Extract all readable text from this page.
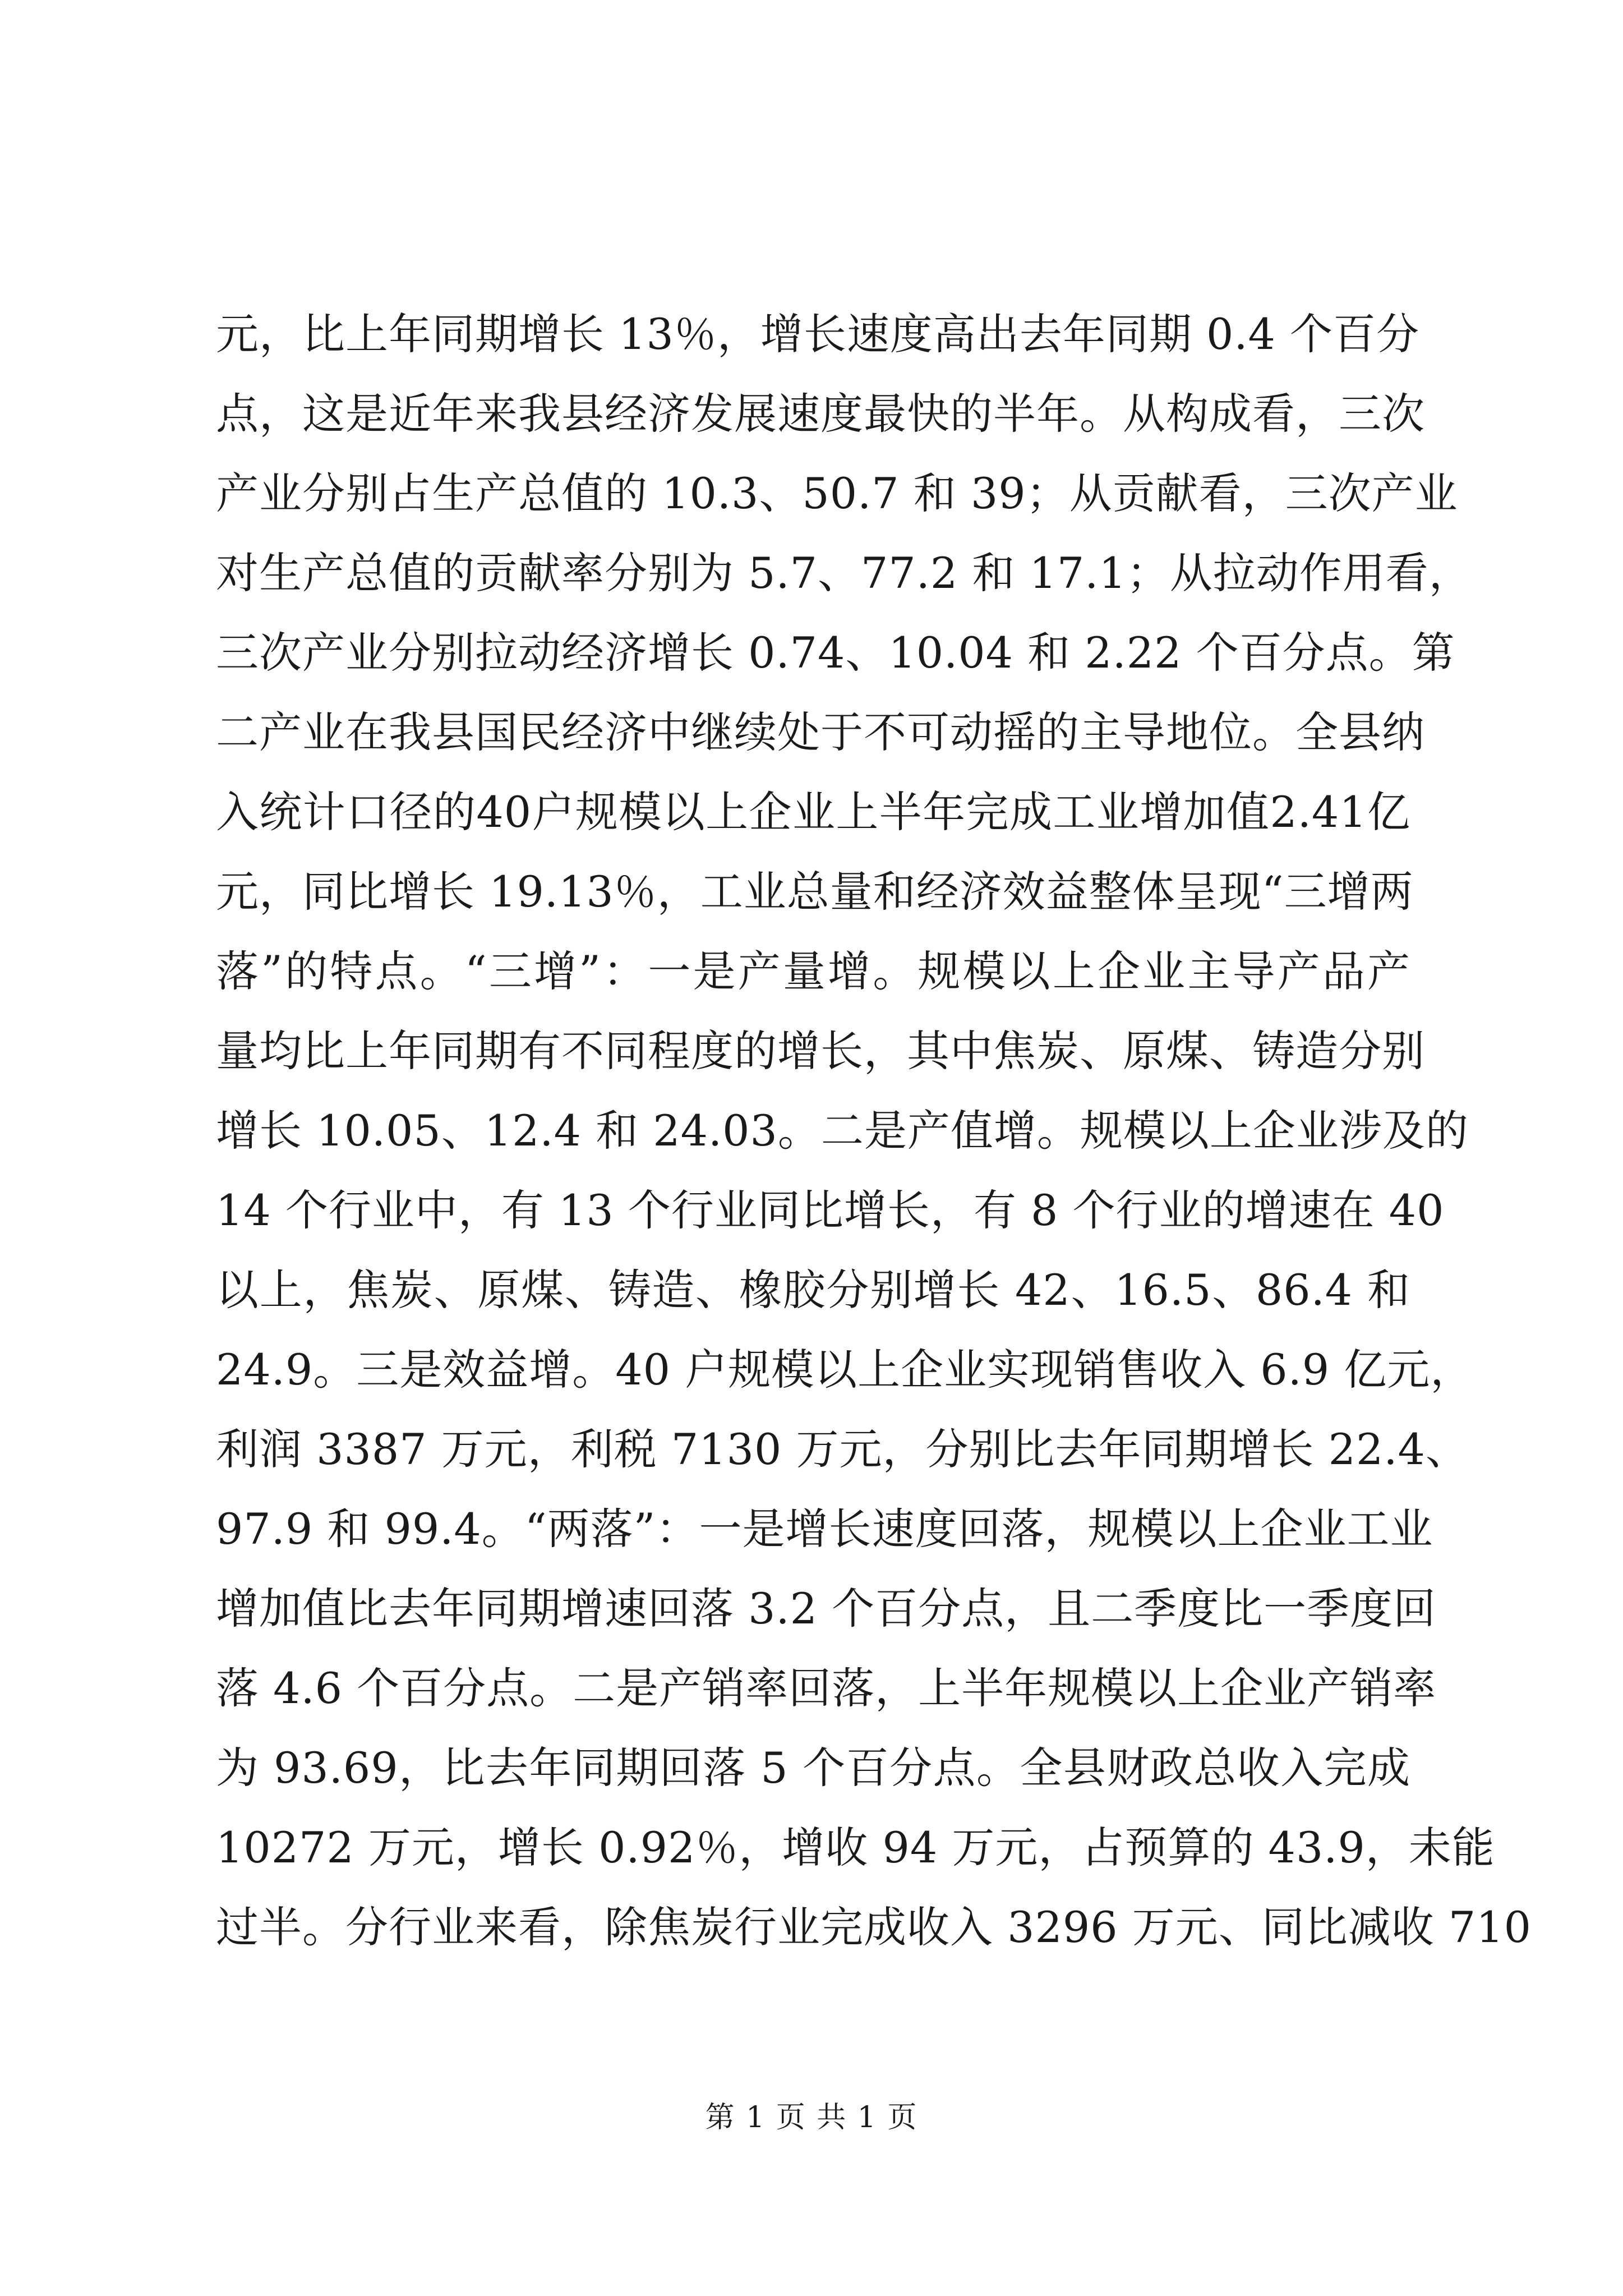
元，比上年同期增长 13％，增长速度高出去年同期 0.4 个百分
点，这是近年来我县经济发展速度最快的半年。从构成看，三次
产业分别占生产总值的 10.3、50.7 和 39；从贡献看，三次产业
对生产总值的贡献率分别为 5.7、77.2 和 17.1；从拉动作用看，
三次产业分别拉动经济增长 0.74、10.04 和 2.22 个百分点。第
二产业在我县国民经济中继续处于不可动摇的主导地位。全县纳
入统计口径的40户规模以上企业上半年完成工业增加值2.41亿
元，同比增长 19.13％，工业总量和经济效益整体呈现“三增两
落”的特点。“三增”：一是产量增。规模以上企业主导产品产
量均比上年同期有不同程度的增长，其中焦炭、原煤、铸造分别
增长 10.05、12.4 和 24.03。二是产值增。规模以上企业涉及的
14 个行业中，有 13 个行业同比增长，有 8 个行业的增速在 40
以上，焦炭、原煤、铸造、橡胶分别增长 42、16.5、86.4 和
24.9。三是效益增。40 户规模以上企业实现销售收入 6.9 亿元，
利润 3387 万元，利税 7130 万元，分别比去年同期增长 22.4、
97.9 和 99.4。“两落”：一是增长速度回落，规模以上企业工业
增加值比去年同期增速回落 3.2 个百分点，且二季度比一季度回
落 4.6 个百分点。二是产销率回落，上半年规模以上企业产销率
为 93.69，比去年同期回落 5 个百分点。全县财政总收入完成
10272 万元，增长 0.92％，增收 94 万元，占预算的 43.9，未能
过半。分行业来看，除焦炭行业完成收入 3296 万元、同比减收 710
第 1 页 共 1 页
